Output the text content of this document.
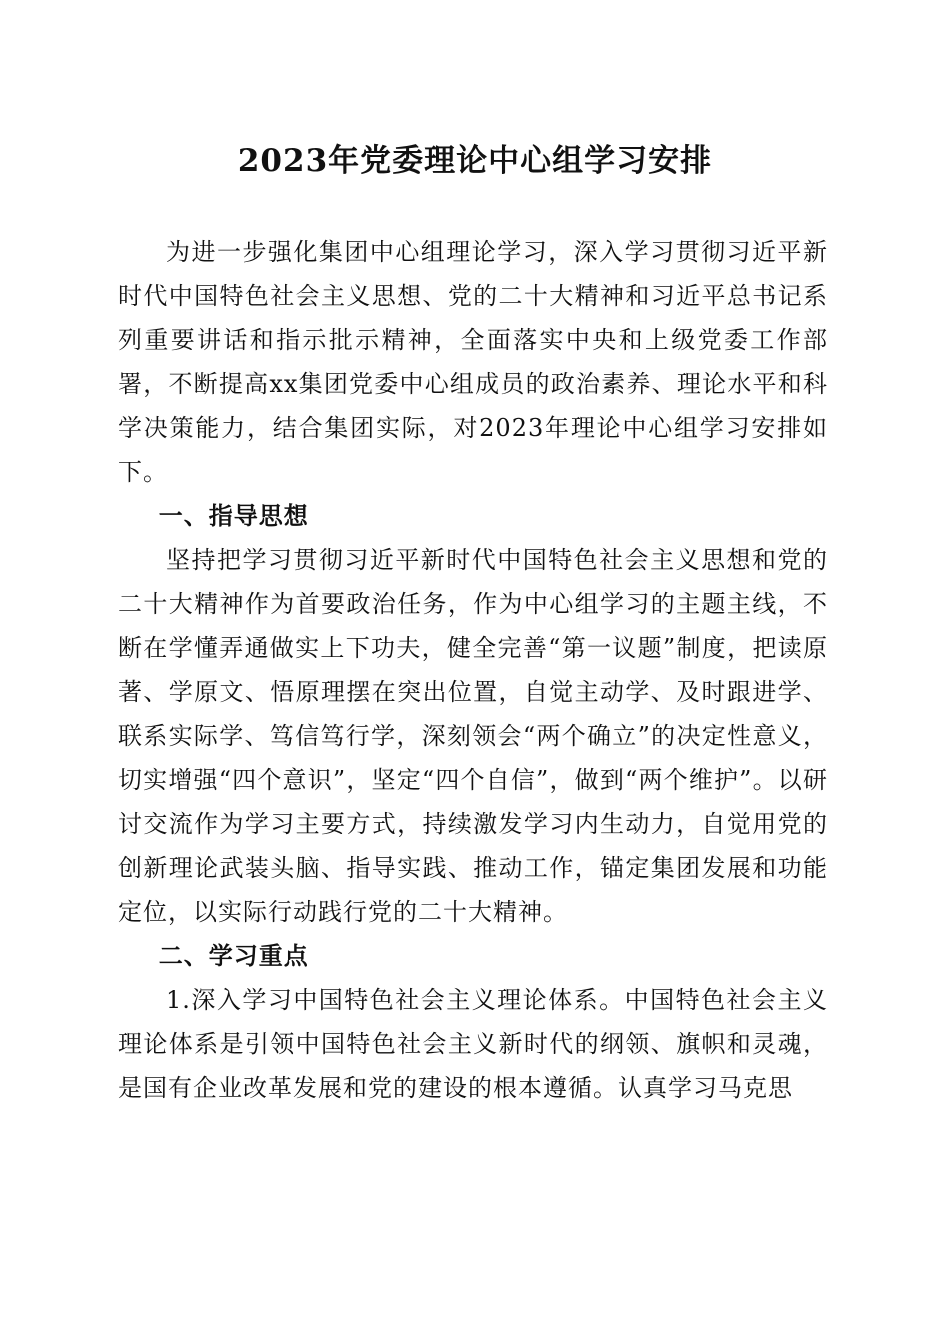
2023年党委理论中心组学习安排

为进一步强化集团中心组理论学习，深入学习贯彻习近平新时代中国特色社会主义思想、党的二十大精神和习近平总书记系列重要讲话和指示批示精神，全面落实中央和上级党委工作部署，不断提高xx集团党委中心组成员的政治素养、理论水平和科学决策能力，结合集团实际，对2023年理论中心组学习安排如下。

一、指导思想

坚持把学习贯彻习近平新时代中国特色社会主义思想和党的二十大精神作为首要政治任务，作为中心组学习的主题主线，不断在学懂弄通做实上下功夫，健全完善“第一议题”制度，把读原著、学原文、悟原理摆在突出位置，自觉主动学、及时跟进学、联系实际学、笃信笃行学，深刻领会“两个确立”的决定性意义，切实增强“四个意识”，坚定“四个自信”，做到“两个维护”。以研讨交流作为学习主要方式，持续激发学习内生动力，自觉用党的创新理论武装头脑、指导实践、推动工作，锚定集团发展和功能定位，以实际行动践行党的二十大精神。

二、学习重点

1.深入学习中国特色社会主义理论体系。中国特色社会主义理论体系是引领中国特色社会主义新时代的纲领、旗帜和灵魂，是国有企业改革发展和党的建设的根本遵循。认真学习马克思
